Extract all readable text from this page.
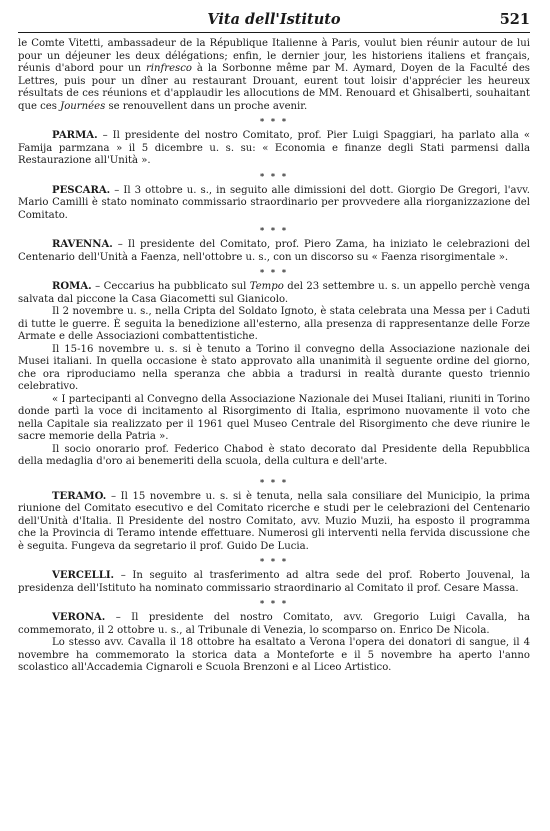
Vita dell'Istituto	521

le Comte Vitetti, ambassadeur de la République Italienne à Paris, voulut bien réunir autour de lui pour un déjeuner les deux délégations; enfin, le dernier jour, les historiens italiens et français, réunis d'abord pour un rinfresco à la Sorbonne même par M. Aymard, Doyen de la Faculté des Lettres, puis pour un dîner au restaurant Drouant, eurent tout loisir d'apprécier les heureux résultats de ces réunions et d'applaudir les allocutions de MM. Renouard et Ghisalberti, souhaitant que ces Journées se renouvellent dans un proche avenir.

* * *

PARMA. – Il presidente del nostro Comitato, prof. Pier Luigi Spaggiari, ha parlato alla « Famija parmzana » il 5 dicembre u. s. su: « Economia e finanze degli Stati parmensi dalla Restaurazione all'Unità ».

* * *

PESCARA. – Il 3 ottobre u. s., in seguito alle dimissioni del dott. Giorgio De Gregori, l'avv. Mario Camilli è stato nominato commissario straordinario per provvedere alla riorganizzazione del Comitato.

* * *

RAVENNA. – Il presidente del Comitato, prof. Piero Zama, ha iniziato le celebrazioni del Centenario dell'Unità a Faenza, nell'ottobre u. s., con un discorso su « Faenza risorgimentale ».

* * *

ROMA. – Ceccarius ha pubblicato sul Tempo del 23 settembre u. s. un appello perchè venga salvata dal piccone la Casa Giacometti sul Gianicolo.

Il 2 novembre u. s., nella Cripta del Soldato Ignoto, è stata celebrata una Messa per i Caduti di tutte le guerre. È seguita la benedizione all'esterno, alla presenza di rappresentanze delle Forze Armate e delle Associazioni combattentistiche.

Il 15-16 novembre u. s. si è tenuto a Torino il convegno della Associazione nazionale dei Musei italiani. In quella occasione è stato approvato alla unanimità il seguente ordine del giorno, che ora riproduciamo nella speranza che abbia a tradursi in realtà durante questo triennio celebrativo.

« I partecipanti al Convegno della Associazione Nazionale dei Musei Italiani, riuniti in Torino donde partì la voce di incitamento al Risorgimento di Italia, esprimono nuovamente il voto che nella Capitale sia realizzato per il 1961 quel Museo Centrale del Risorgimento che deve riunire le sacre memorie della Patria ».

Il socio onorario prof. Federico Chabod è stato decorato dal Presidente della Repubblica della medaglia d'oro ai benemeriti della scuola, della cultura e dell'arte.

* * *

TERAMO. – Il 15 novembre u. s. si è tenuta, nella sala consiliare del Municipio, la prima riunione del Comitato esecutivo e del Comitato ricerche e studi per le celebrazioni del Centenario dell'Unità d'Italia. Il Presidente del nostro Comitato, avv. Muzio Muzii, ha esposto il programma che la Provincia di Teramo intende effettuare. Numerosi gli interventi nella fervida discussione che è seguita. Fungeva da segretario il prof. Guido De Lucia.

* * *

VERCELLI. – In seguito al trasferimento ad altra sede del prof. Roberto Jouvenal, la presidenza dell'Istituto ha nominato commissario straordinario al Comitato il prof. Cesare Massa.

* * *

VERONA. – Il presidente del nostro Comitato, avv. Gregorio Luigi Cavalla, ha commemorato, il 2 ottobre u. s., al Tribunale di Venezia, lo scomparso on. Enrico De Nicola.

Lo stesso avv. Cavalla il 18 ottobre ha esaltato a Verona l'opera dei donatori di sangue, il 4 novembre ha commemorato la storica data a Monteforte e il 5 novembre ha aperto l'anno scolastico all'Accademia Cignaroli e Scuola Brenzoni e al Liceo Artistico.
